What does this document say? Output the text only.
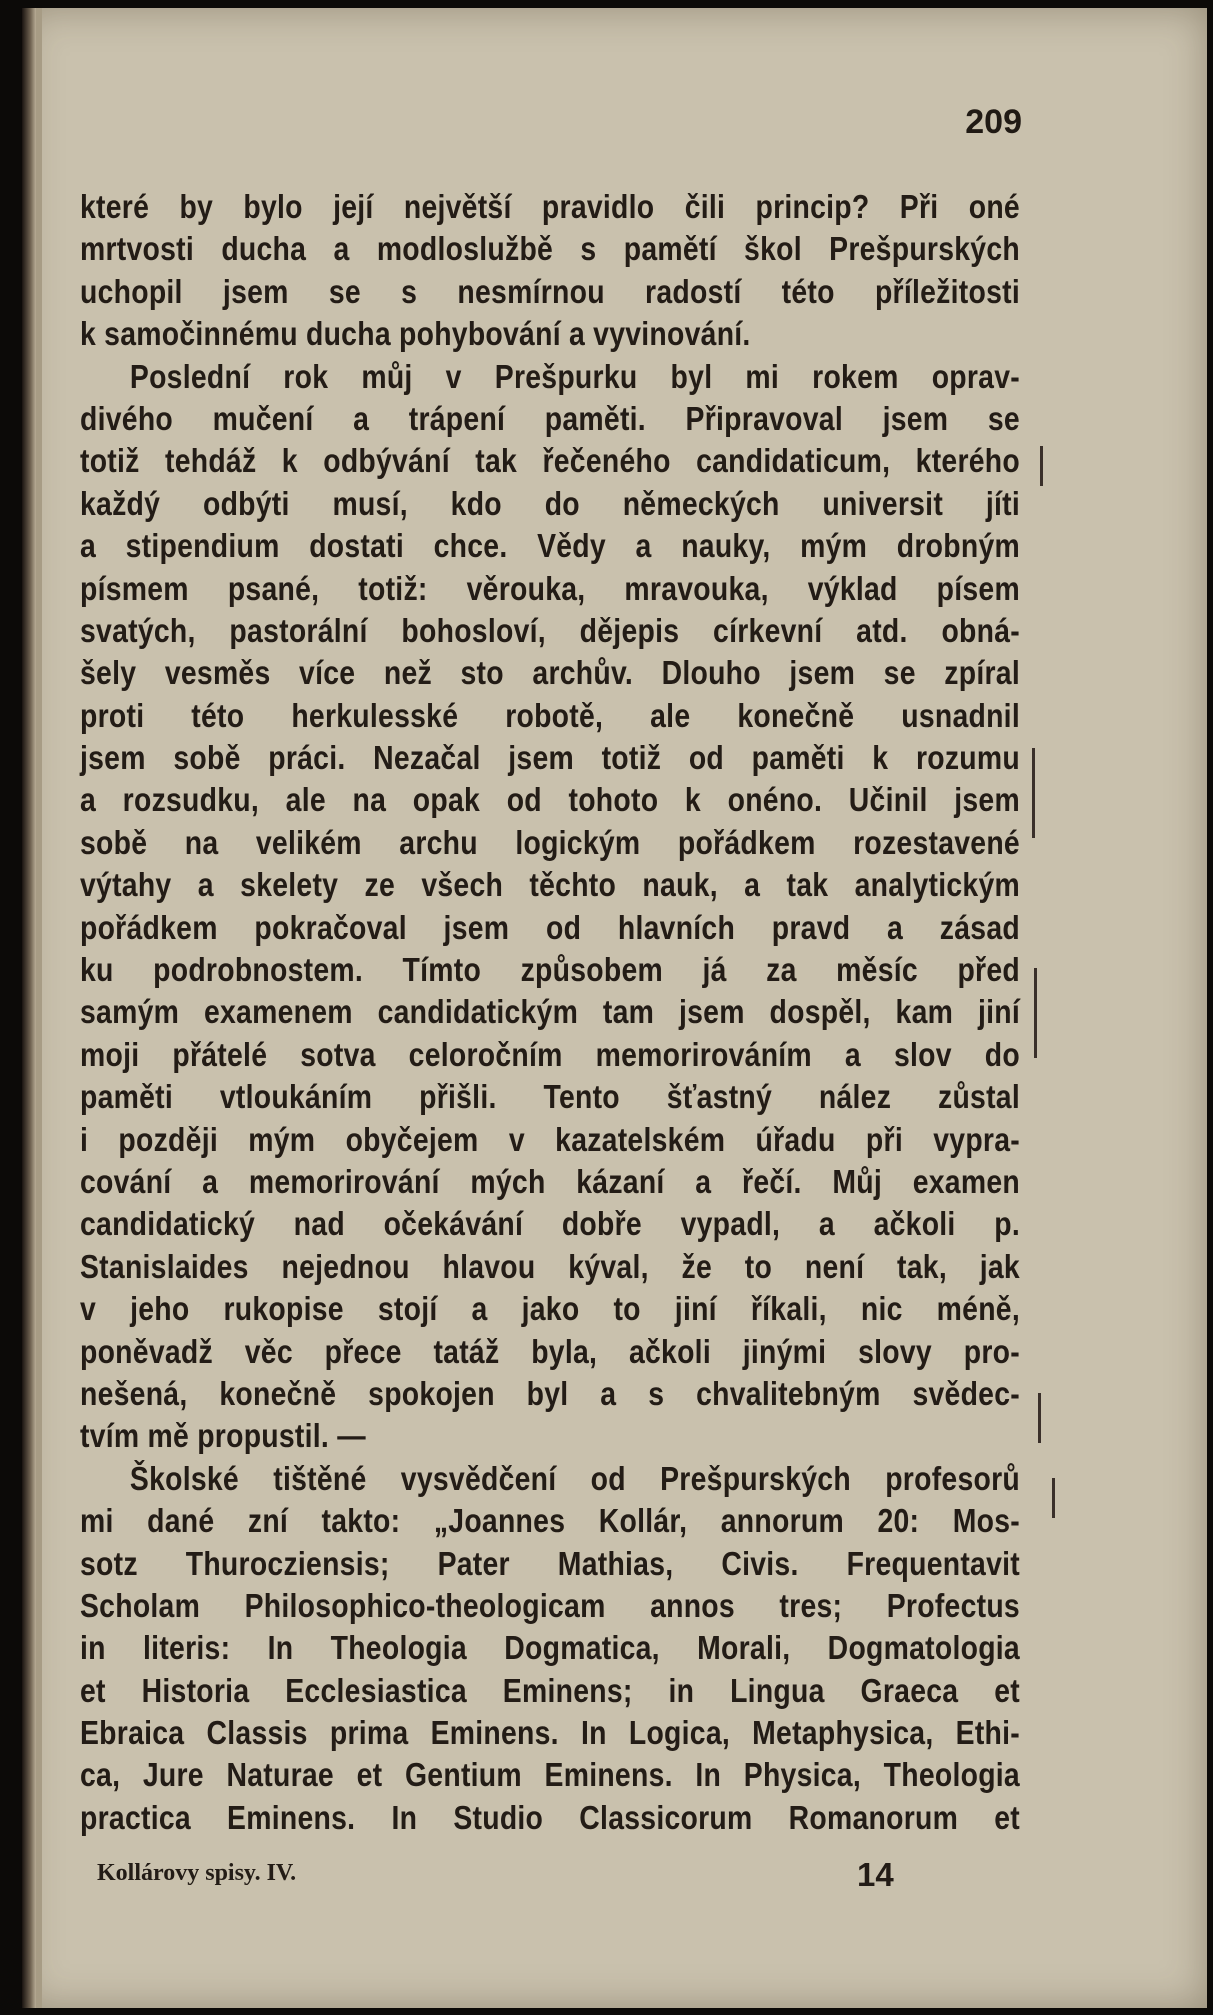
209
které by bylo její největší pravidlo čili princip? Při oné
mrtvosti ducha a modloslužbě s pamětí škol Prešpurských
uchopil jsem se s nesmírnou radostí této příležitosti
k samočinnému ducha pohybování a vyvinování.
Poslední rok můj v Prešpurku byl mi rokem oprav-
divého mučení a trápení paměti. Připravoval jsem se
totiž tehdáž k odbývání tak řečeného candidaticum, kterého
každý odbýti musí, kdo do německých universit jíti
a stipendium dostati chce. Vědy a nauky, mým drobným
písmem psané, totiž: věrouka, mravouka, výklad písem
svatých, pastorální bohosloví, dějepis církevní atd. obná-
šely vesměs více než sto archův. Dlouho jsem se zpíral
proti této herkulesské robotě, ale konečně usnadnil
jsem sobě práci. Nezačal jsem totiž od paměti k rozumu
a rozsudku, ale na opak od tohoto k onéno. Učinil jsem
sobě na velikém archu logickým pořádkem rozestavené
výtahy a skelety ze všech těchto nauk, a tak analytickým
pořádkem pokračoval jsem od hlavních pravd a zásad
ku podrobnostem. Tímto způsobem já za měsíc před
samým examenem candidatickým tam jsem dospěl, kam jiní
moji přátelé sotva celoročním memorirováním a slov do
paměti vtloukáním přišli. Tento šťastný nález zůstal
i později mým obyčejem v kazatelském úřadu při vypra-
cování a memorirování mých kázaní a řečí. Můj examen
candidatický nad očekávání dobře vypadl, a ačkoli p.
Stanislaides nejednou hlavou kýval, že to není tak, jak
v jeho rukopise stojí a jako to jiní říkali, nic méně,
poněvadž věc přece tatáž byla, ačkoli jinými slovy pro-
nešená, konečně spokojen byl a s chvalitebným svědec-
tvím mě propustil. —
Školské tištěné vysvědčení od Prešpurských profesorů
mi dané zní takto: „Joannes Kollár, annorum 20: Mos-
sotz Thurocziensis; Pater Mathias, Civis. Frequentavit
Scholam Philosophico-theologicam annos tres; Profectus
in literis: In Theologia Dogmatica, Morali, Dogmatologia
et Historia Ecclesiastica Eminens; in Lingua Graeca et
Ebraica Classis prima Eminens. In Logica, Metaphysica, Ethi-
ca, Jure Naturae et Gentium Eminens. In Physica, Theologia
practica Eminens. In Studio Classicorum Romanorum et
Kollárovy spisy. IV.	14
